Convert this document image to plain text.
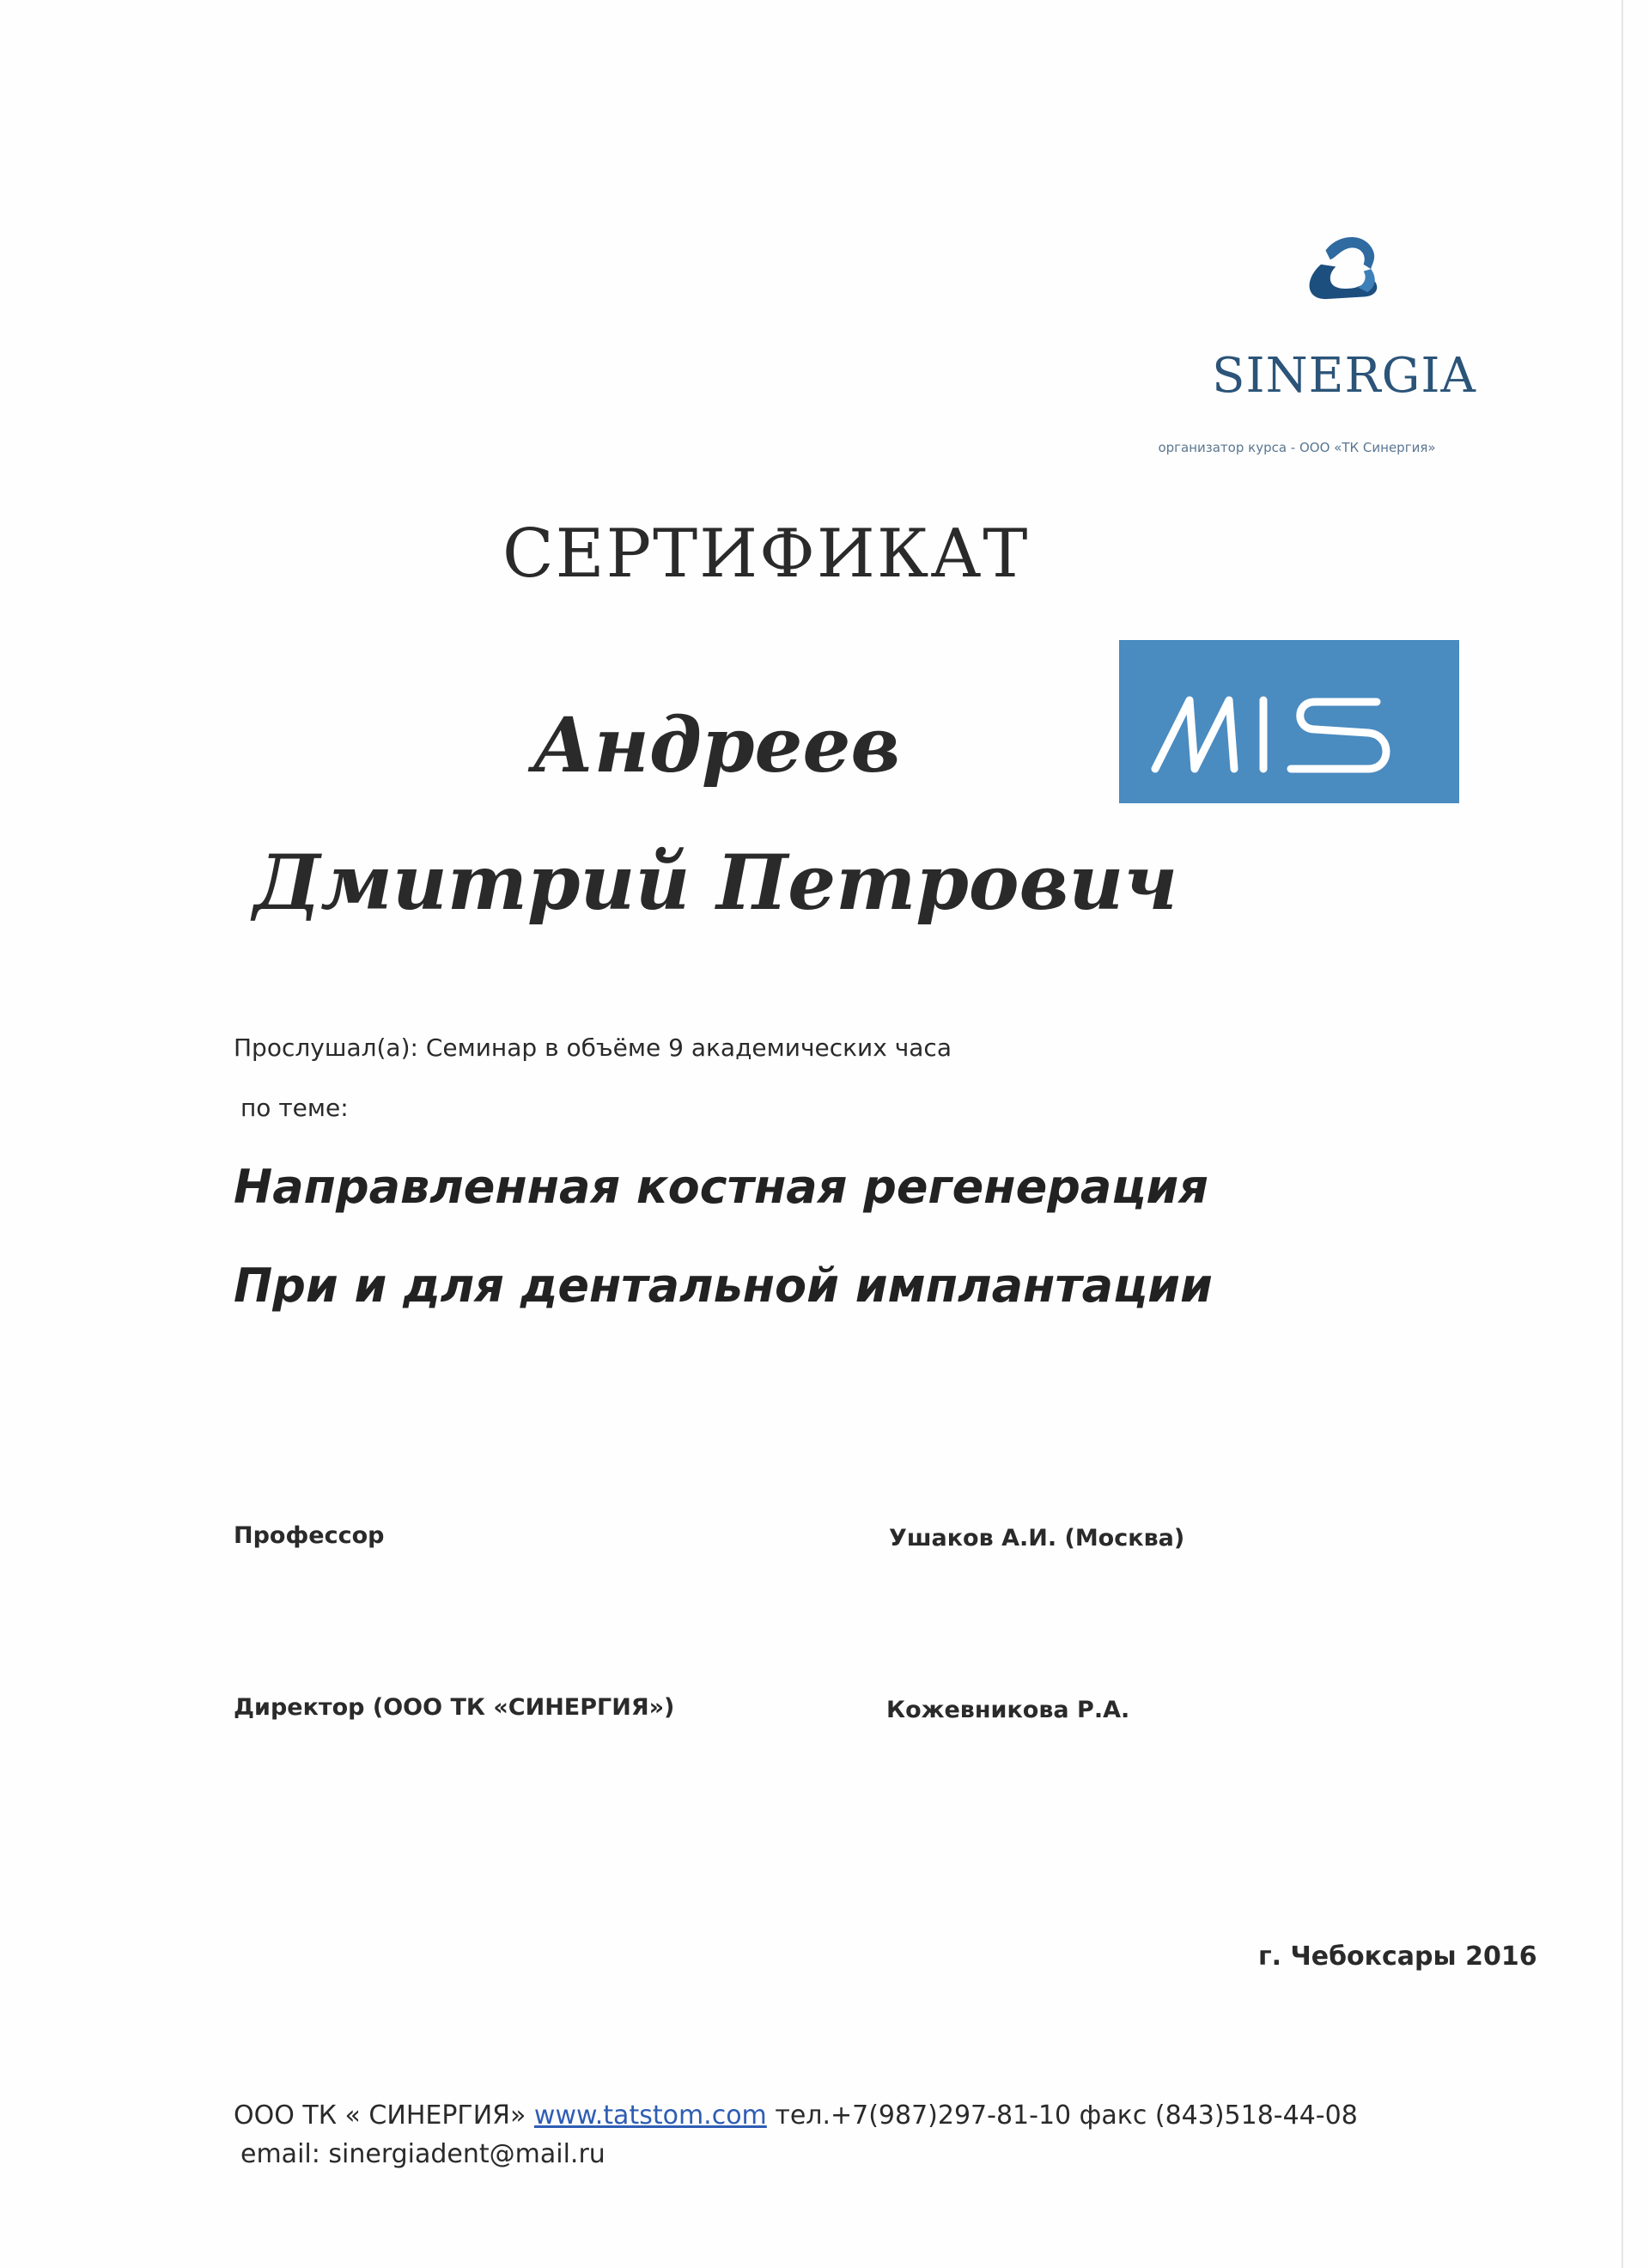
SINERGIA
организатор курса - ООО «ТК Синергия»
СЕРТИФИКАТ
Андреев
Дмитрий Петрович
Прослушал(а): Семинар в объёме 9 академических часа
по теме:
Направленная костная регенерация
При и для дентальной имплантации
Профессор	Ушаков А.И. (Москва)
Директор (ООО ТК «СИНЕРГИЯ»)	Кожевникова Р.А.
г. Чебоксары 2016
ООО ТК « СИНЕРГИЯ» www.tatstom.com тел.+7(987)297-81-10 факс (843)518-44-08
email: sinergiadent@mail.ru
